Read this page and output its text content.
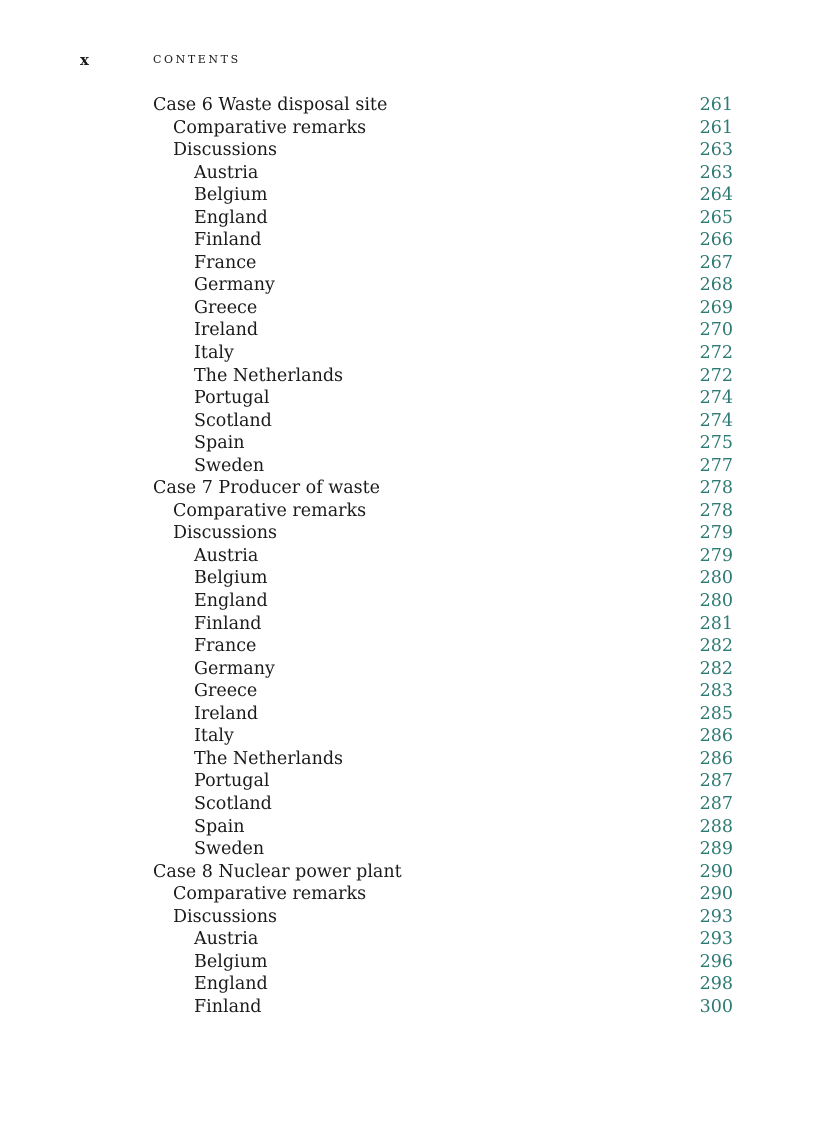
x	CONTENTS
Case 6 Waste disposal site	261
Comparative remarks	261
Discussions	263
Austria	263
Belgium	264
England	265
Finland	266
France	267
Germany	268
Greece	269
Ireland	270
Italy	272
The Netherlands	272
Portugal	274
Scotland	274
Spain	275
Sweden	277
Case 7 Producer of waste	278
Comparative remarks	278
Discussions	279
Austria	279
Belgium	280
England	280
Finland	281
France	282
Germany	282
Greece	283
Ireland	285
Italy	286
The Netherlands	286
Portugal	287
Scotland	287
Spain	288
Sweden	289
Case 8 Nuclear power plant	290
Comparative remarks	290
Discussions	293
Austria	293
Belgium	296
England	298
Finland	300
